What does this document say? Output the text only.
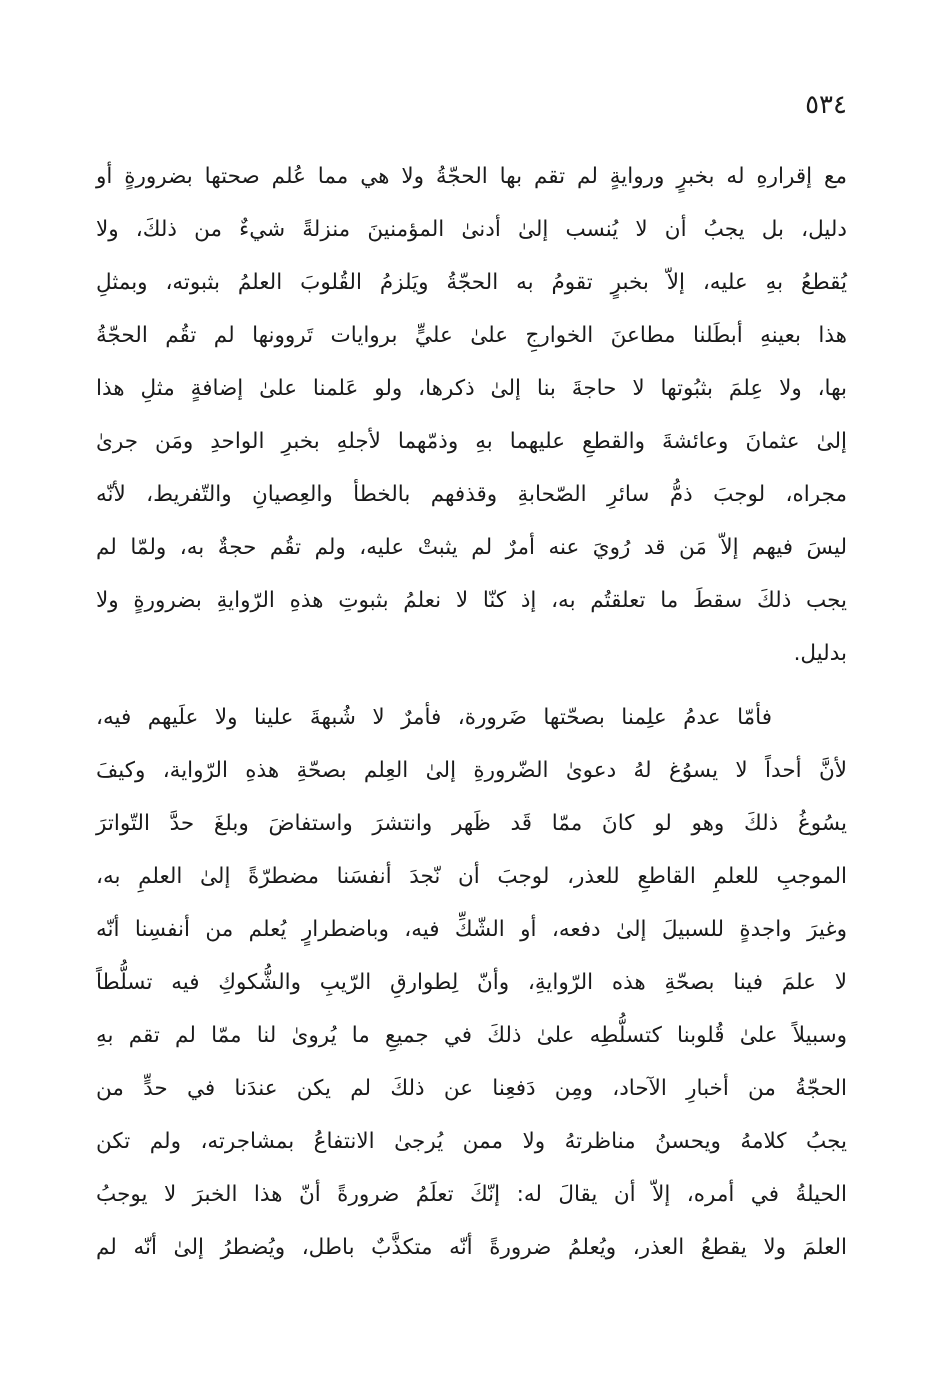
٥٣٤
مع إقرارهِ له بخبرٍ وروايةٍ لم تقم بها الحجّةُ ولا هي مما عُلم صحتها بضرورةٍ أو
دليل، بل يجبُ أن لا يُنسب إلىٰ أدنىٰ المؤمنينَ منزلةً شيءٌ من ذلكَ، ولا
يُقطعُ بهِ عليه، إلاّ بخبرٍ تقومُ به الحجّةُ ويَلزمُ القُلوبَ العلمُ بثبوته، وبمثلِ
هذا بعينهِ أبطَلنا مطاعنَ الخوارجِ علىٰ عليٍّ بروايات تَروونها لم تقُم الحجّةُ
بها، ولا عِلمَ بثبُوتها لا حاجةَ بنا إلىٰ ذكرها، ولو عَلمنا علىٰ إضافةٍ مثلِ هذا
إلىٰ عثمانَ وعائشةَ والقطعِ عليهما بهِ وذمّهما لأجلهِ بخبرِ الواحدِ ومَن جرىٰ
مجراه، لوجبَ ذمُّ سائرِ الصّحابةِ وقذفهم بالخطأ والعِصيانِ والتّفريط، لأنّه
ليسَ فيهم إلاّ مَن قد رُويَ عنه أمرٌ لم يثبتْ عليه، ولم تقُم حجةٌ به، ولمّا لم
يجب ذلكَ سقطَ ما تعلقتُم به، إذ كنّا لا نعلمُ بثبوتِ هذهِ الرّوايةِ بضرورةٍ ولا
بدليل.
فأمّا عدمُ علِمنا بصحّتها ضَرورة، فأمرٌ لا شُبهةَ علينا ولا علَيهم فيه،
لأنَّ أحداً لا يسوُغ لهُ دعوىٰ الضّرورةِ إلىٰ العِلم بصحّةِ هذهِ الرّواية، وكيفَ
يسُوغُ ذلكَ وهو لو كانَ ممّا قَد ظَهر وانتشرَ واستفاضَ وبلغَ حدَّ التّواترَ
الموجبِ للعلمِ القاطعِ للعذر، لوجبَ أن نّجدَ أنفسَنا مضطرّةً إلىٰ العلمِ به،
وغيرَ واجدةٍ للسبيلَ إلىٰ دفعه، أو الشّكِّ فيه، وباضطرارٍ يُعلم من أنفسِنا أنّه
لا علمَ فينا بصحّةِ هذه الرّوايةِ، وأنّ لِطوارقِ الرّيبِ والشُّكوكِ فيه تسلُّطاً
وسبيلاً علىٰ قُلوبنا كتسلُّطِه علىٰ ذلكَ في جميعِ ما يُروىٰ لنا ممّا لم تقم بهِ
الحجّةُ من أخبارِ الآحاد، ومِن دَفعِنا عن ذلكَ لم يكن عندَنا في حدٍّ من
يجبُ كلامهُ ويحسنُ مناظرتهُ ولا ممن يُرجىٰ الانتفاعُ بمشاجرته، ولم تكن
الحيلةُ في أمره، إلاّ أن يقالَ له: إنّكَ تعلَمُ ضرورةً أنّ هذا الخبرَ لا يوجبُ
العلمَ ولا يقطعُ العذر، ويُعلمُ ضرورةً أنّه متكذَّبٌ باطل، ويُضطرُ إلىٰ أنّه لم
